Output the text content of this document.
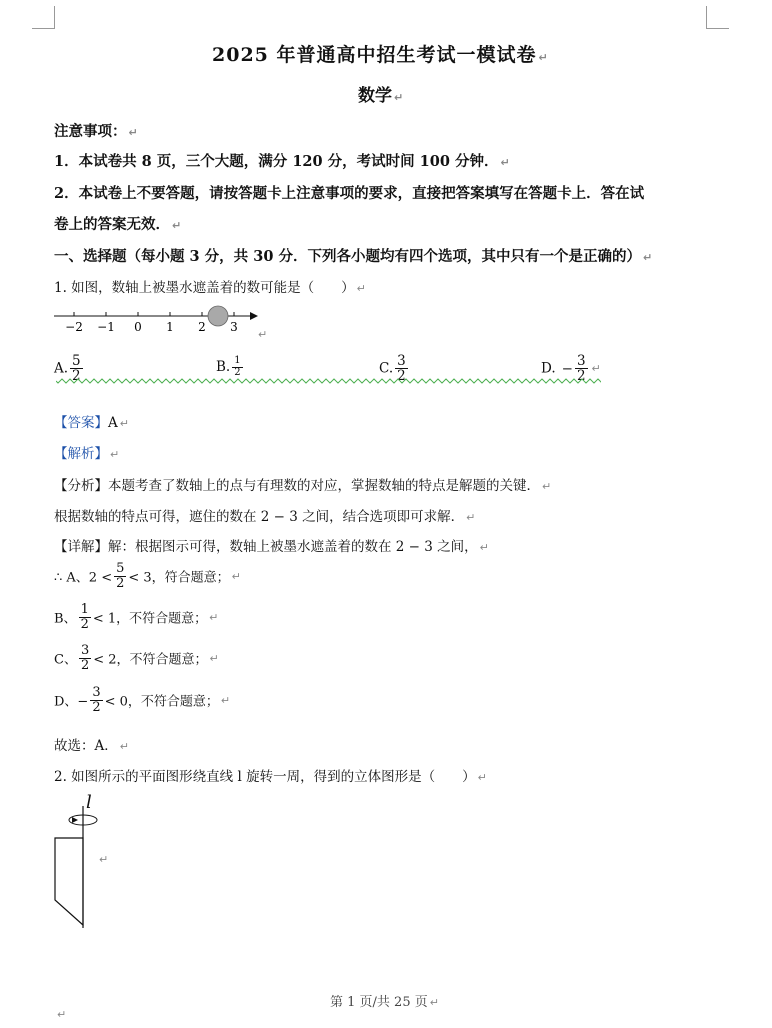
2025 年普通高中招生考试一模试卷 ↵
数学 ↵
注意事项： ↵
1．本试卷共 8 页，三个大题，满分 120 分，考试时间 100 分钟． ↵
2．本试卷上不要答题，请按答题卡上注意事项的要求，直接把答案填写在答题卡上．答在试
卷上的答案无效． ↵
一、选择题（每小题 3 分，共 30 分．下列各小题均有四个选项，其中只有一个是正确的） ↵
1. 如图，数轴上被墨水遮盖着的数可能是（　　） ↵
−2 −1 0 1 2 3
↵
A. $\frac{5}{2}$	B. $\frac{1}{2}$	C. $\frac{3}{2}$	D. − $\frac{3}{2}$ ↵
【答案】A ↵
【解析】 ↵
【分析】本题考查了数轴上的点与有理数的对应，掌握数轴的特点是解题的关键． ↵
根据数轴的特点可得，遮住的数在 2 − 3 之间，结合选项即可求解． ↵
【详解】解：根据图示可得，数轴上被墨水遮盖着的数在 2 − 3 之间， ↵
∴ A、$2 < \frac{5}{2} < 3$，符合题意； ↵
B、 $\frac{1}{2} < 1$，不符合题意； ↵
C、 $\frac{3}{2} < 2$，不符合题意； ↵
D、− $\frac{3}{2} < 0$，不符合题意； ↵
故选：A． ↵
2. 如图所示的平面图形绕直线 l 旋转一周，得到的立体图形是（　　） ↵
l
↵
第 1 页/共 25 页 ↵
↵
